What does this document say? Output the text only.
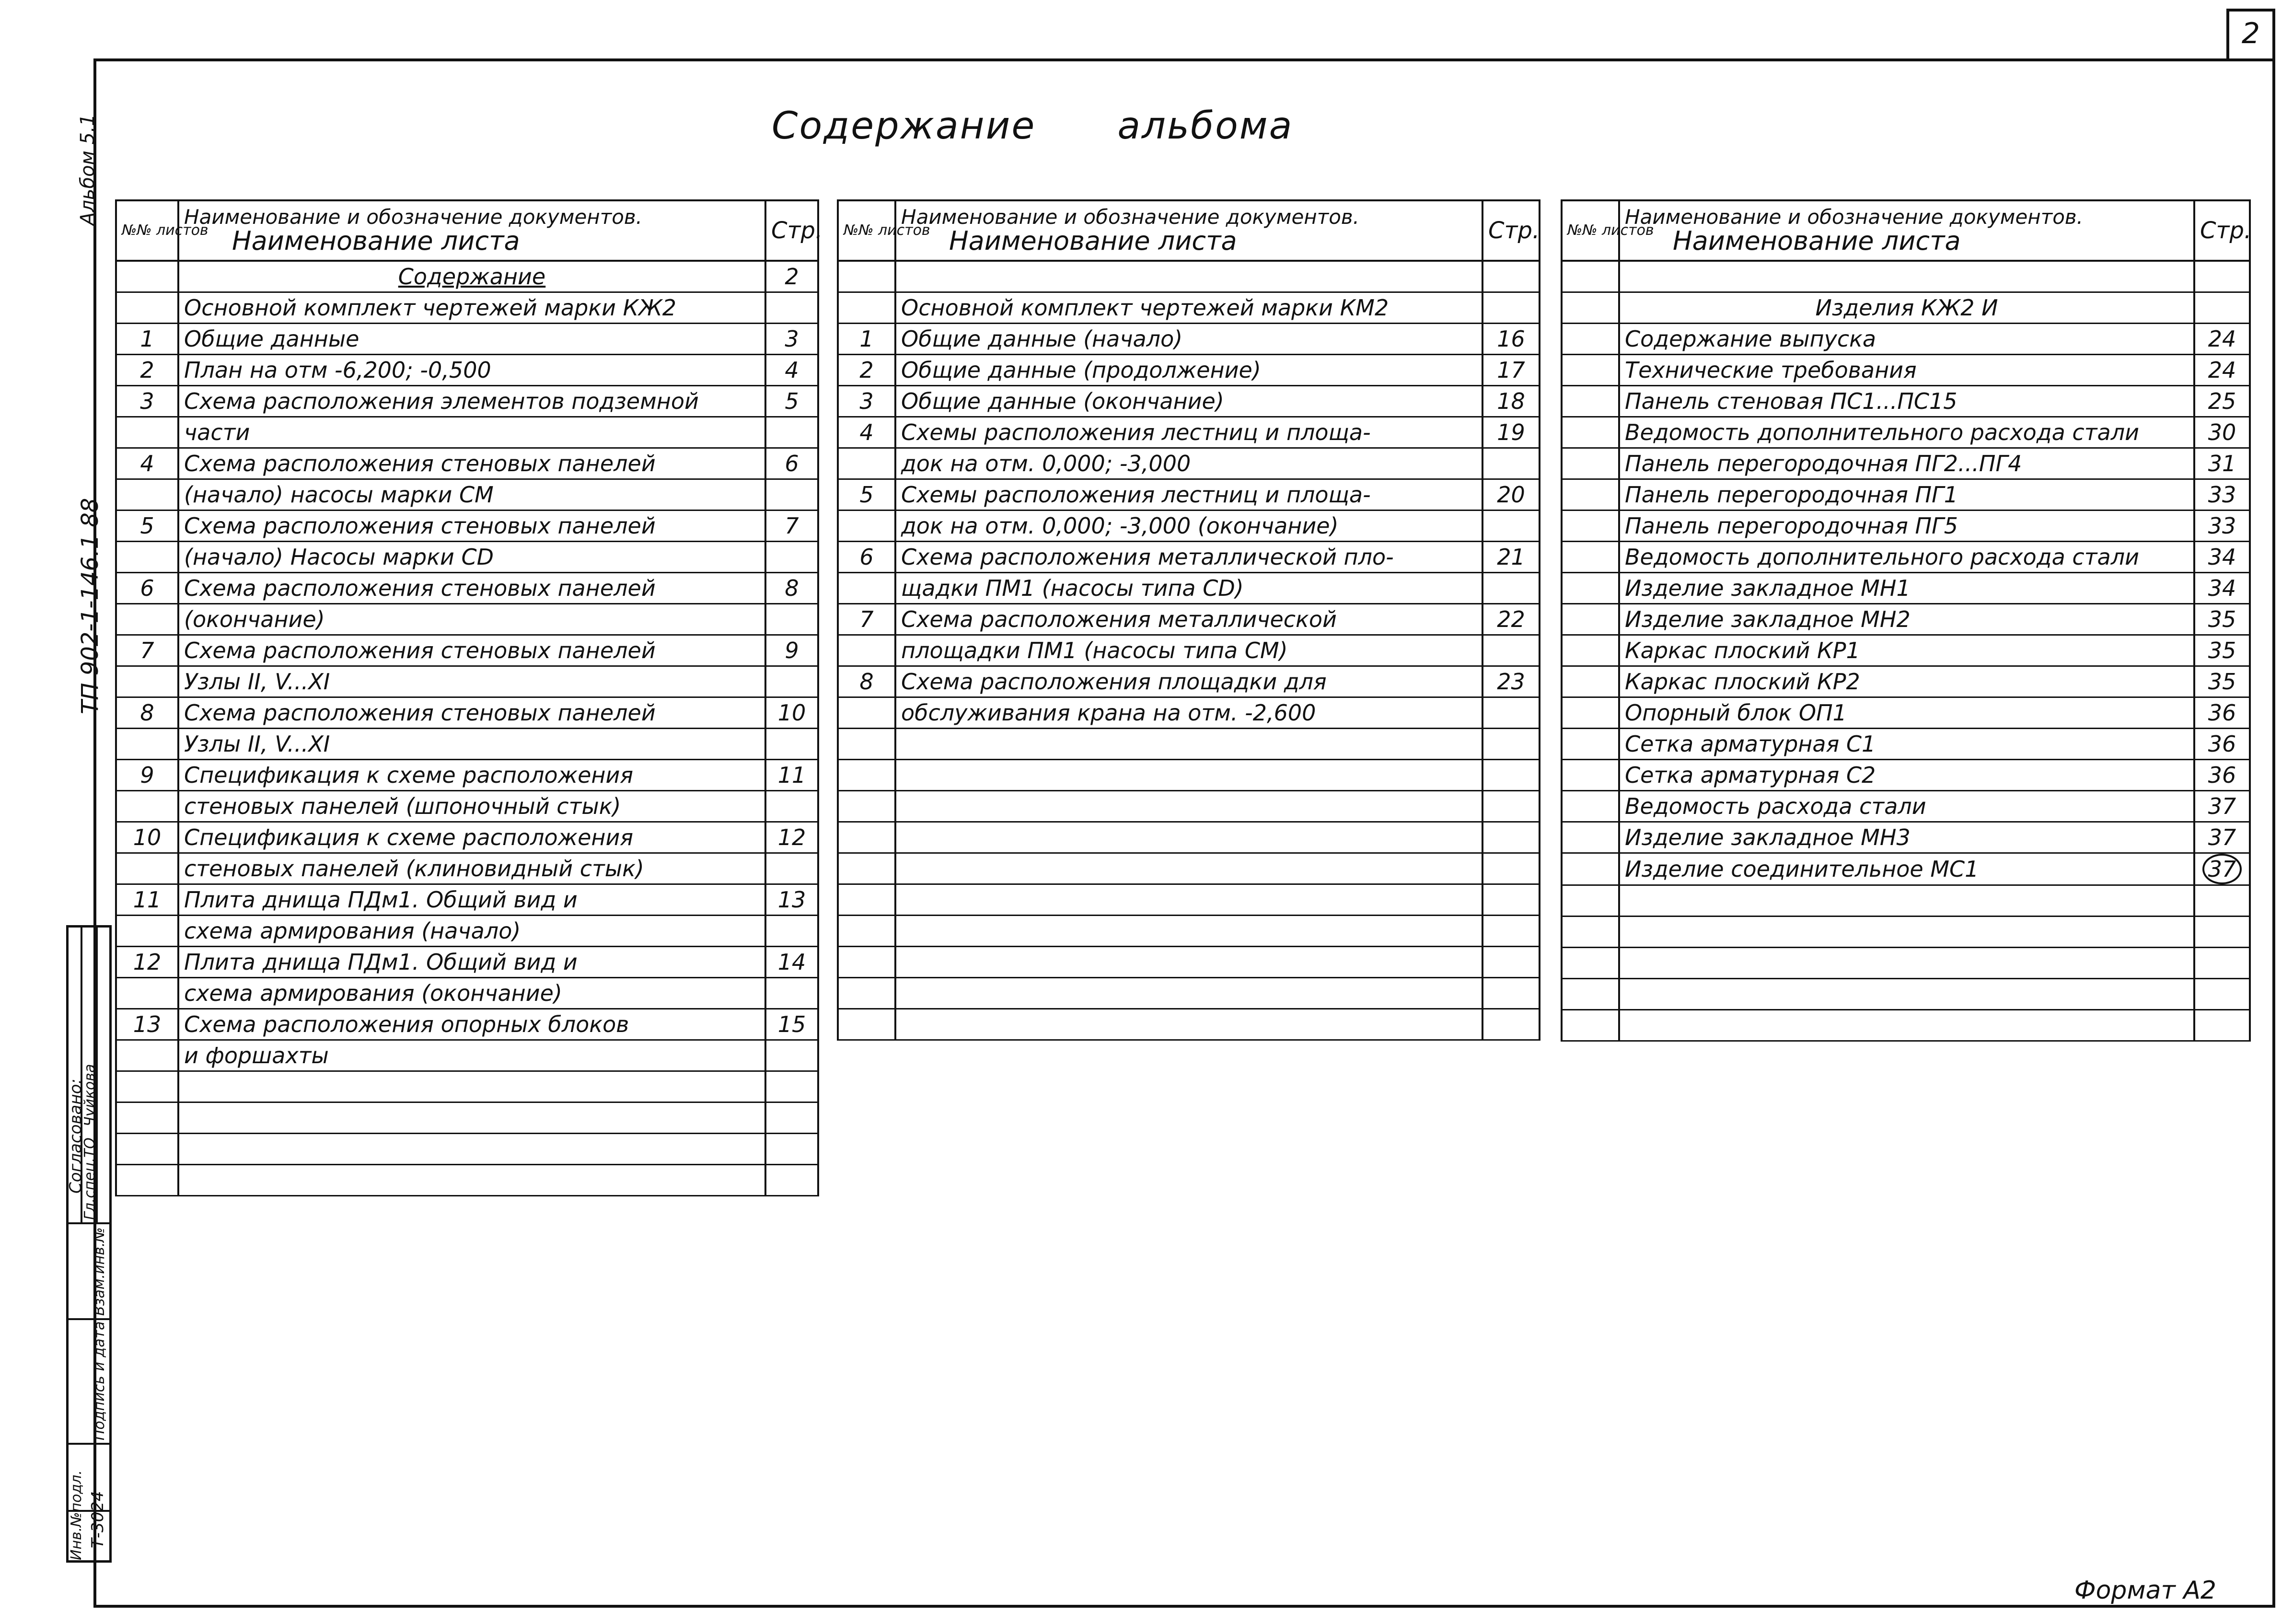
2
Содержание альбома
Альбом 5.1
ТП 902-1-146.1 88
№№ листов	Наименование и обозначение документов.
Наименование листа	Стр.
	Содержание	2
	Основной комплект чертежей марки КЖ2	
1	Общие данные	3
2	План на отм -6,200; -0,500	4
3	Схема расположения элементов подземной	5
	части	
4	Схема расположения стеновых панелей	6
	(начало) насосы марки СМ	
5	Схема расположения стеновых панелей	7
	(начало) Насосы марки CD	
6	Схема расположения стеновых панелей	8
	(окончание)	
7	Схема расположения стеновых панелей	9
	Узлы II, V...XI	
8	Схема расположения стеновых панелей	10
	Узлы II, V...XI	
9	Спецификация к схеме расположения	11
	стеновых панелей (шпоночный стык)	
10	Спецификация к схеме расположения	12
	стеновых панелей (клиновидный стык)	
11	Плита днища ПДм1. Общий вид и	13
	схема армирования (начало)	
12	Плита днища ПДм1. Общий вид и	14
	схема армирования (окончание)	
13	Схема расположения опорных блоков	15
	и форшахты	

№№ листов	Наименование и обозначение документов.
Наименование листа	Стр.

	Основной комплект чертежей марки КМ2	
1	Общие данные (начало)	16
2	Общие данные (продолжение)	17
3	Общие данные (окончание)	18
4	Схемы расположения лестниц и площа-	19
	док на отм. 0,000; -3,000	
5	Схемы расположения лестниц и площа-	20
	док на отм. 0,000; -3,000 (окончание)	
6	Схема расположения металлической пло-	21
	щадки ПМ1 (насосы типа CD)	
7	Схема расположения металлической	22
	площадки ПМ1 (насосы типа СМ)	
8	Схема расположения площадки для	23
	обслуживания крана на отм. -2,600	

№№ листов	Наименование и обозначение документов.
Наименование листа	Стр.

	Изделия КЖ2 И	
	Содержание выпуска	24
	Технические требования	24
	Панель стеновая ПС1...ПС15	25
	Ведомость дополнительного расхода стали	30
	Панель перегородочная ПГ2...ПГ4	31
	Панель перегородочная ПГ1	33
	Панель перегородочная ПГ5	33
	Ведомость дополнительного расхода стали	34
	Изделие закладное МН1	34
	Изделие закладное МН2	35
	Каркас плоский КР1	35
	Каркас плоский КР2	35
	Опорный блок ОП1	36
	Сетка арматурная С1	36
	Сетка арматурная С2	36
	Ведомость расхода стали	37
	Изделие закладное МН3	37
	Изделие соединительное МС1	37

Согласовано:
Гл.спец.ТО
Чуйкова
Взам.инв.№
Подпись и дата
Инв.№подл. Т-3024
Формат А2
